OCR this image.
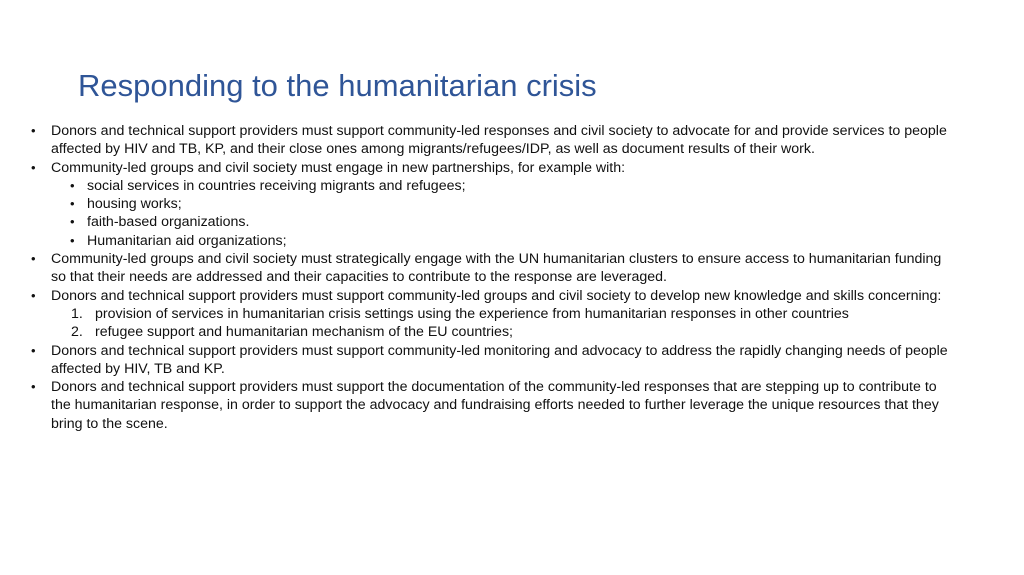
Responding to the humanitarian crisis
• Donors and technical support providers must support community-led responses and civil society to advocate for and provide services to people affected by HIV and TB, KP, and their close ones among migrants/refugees/IDP, as well as document results of their work.
• Community-led groups and civil society must engage in new partnerships, for example with:
• social services in countries receiving migrants and refugees;
• housing works;
• faith-based organizations.
• Humanitarian aid organizations;
• Community-led groups and civil society must strategically engage with the UN humanitarian clusters to ensure access to humanitarian funding so that their needs are addressed and their capacities to contribute to the response are leveraged.
• Donors and technical support providers must support community-led groups and civil society to develop new knowledge and skills concerning:
1. provision of services in humanitarian crisis settings using the experience from humanitarian responses in other countries
2. refugee support and humanitarian mechanism of the EU countries;
• Donors and technical support providers must support community-led monitoring and advocacy to address the rapidly changing needs of people affected by HIV, TB and KP.
• Donors and technical support providers must support the documentation of the community-led responses that are stepping up to contribute to the humanitarian response, in order to support the advocacy and fundraising efforts needed to further leverage the unique resources that they bring to the scene.
